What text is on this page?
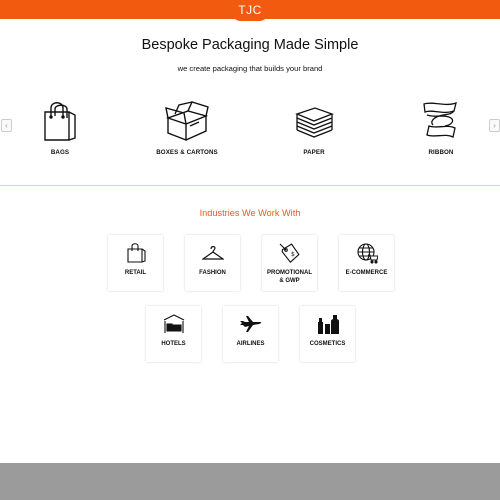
TJC
Bespoke Packaging Made Simple
we create packaging that builds your brand
‹	›
BAGS	BOXES & CARTONS	PAPER	RIBBON
Industries We Work With
RETAIL	FASHION
$
PROMOTIONAL
& GWP
E-COMMERCE
HOTELS	AIRLINES	COSMETICS
